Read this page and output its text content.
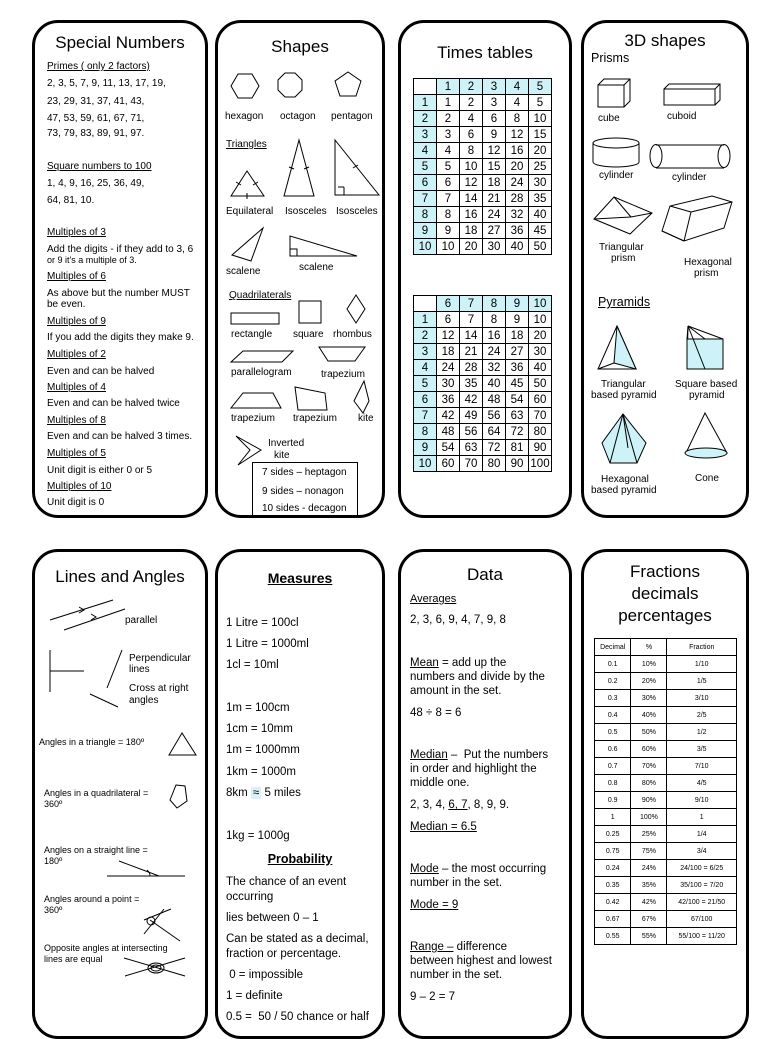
Special Numbers
Primes ( only 2 factors)
2, 3, 5, 7, 9, 11, 13, 17, 19,
23, 29, 31, 37, 41, 43,
47, 53, 59, 61, 67, 71,
73, 79, 83, 89, 91, 97.
Square numbers to 100
1, 4, 9, 16, 25, 36, 49,
64, 81, 10.
Multiples of 3
Add the digits - if they add to 3, 6
or 9 it's a multiple of 3.
Multiples of 6
As above but the number MUST
be even.
Multiples of 9
If you add the digits they make 9.
Multiples of 2
Even and can be halved
Multiples of 4
Even and can be halved twice
Multiples of 8
Even and can be halved 3 times.
Multiples of 5
Unit digit is either 0 or 5
Multiples of 10
Unit digit is 0
Shapes
hexagon octagon pentagon
Triangles
Equilateral Isosceles Isosceles
scalene	scalene
Quadrilaterals
rectangle square rhombus
parallelogram	trapezium
trapezium trapezium kite
Inverted
kite
7 sides – heptagon
9 sides – nonagon
10 sides - decagon
Times tables
	1	2	3	4	5
1	1	2	3	4	5
2	2	4	6	8	10
3	3	6	9	12	15
4	4	8	12	16	20
5	5	10	15	20	25
6	6	12	18	24	30
7	7	14	21	28	35
8	8	16	24	32	40
9	9	18	27	36	45
10	10	20	30	40	50
	6	7	8	9	10
1	6	7	8	9	10
2	12	14	16	18	20
3	18	21	24	27	30
4	24	28	32	36	40
5	30	35	40	45	50
6	36	42	48	54	60
7	42	49	56	63	70
8	48	56	64	72	80
9	54	63	72	81	90
10	60	70	80	90	100
3D shapes
Prisms
cube	cuboid
cylinder	cylinder
Triangular
prism	Hexagonal
prism
Pyramids
Triangular
based pyramid
Square based
pyramid
Hexagonal
based pyramid
Cone
Lines and Angles
parallel
Perpendicular
lines
Cross at right
angles
Angles in a triangle = 180º
Angles in a quadrilateral =
360º
Angles on a straight line =
180º
Angles around a point =
360º
Opposite angles at intersecting
lines are equal
Measures
1 Litre = 100cl
1 Litre = 1000ml
1cl = 10ml
1m = 100cm
1cm = 10mm
1m = 1000mm
1km = 1000m
8km ≈ 5 miles
1kg = 1000g
Probability
The chance of an event
occurring
lies between 0 – 1
Can be stated as a decimal,
fraction or percentage.
0 = impossible
1 = definite
0.5 =  50 / 50 chance or half
Data
Averages
2, 3, 6, 9, 4, 7, 9, 8
Mean = add up the
numbers and divide by the
amount in the set.
48 ÷ 8 = 6
Median –  Put the numbers
in order and highlight the
middle one.
2, 3, 4, 6, 7, 8, 9, 9.
Median = 6.5
Mode – the most occurring
number in the set.
Mode = 9
Range – difference
between highest and lowest
number in the set.
9 – 2 = 7
Fractions
decimals
percentages
Decimal	%	Fraction
0.1	10%	1/10
0.2	20%	1/5
0.3	30%	3/10
0.4	40%	2/5
0.5	50%	1/2
0.6	60%	3/5
0.7	70%	7/10
0.8	80%	4/5
0.9	90%	9/10
1	100%	1
0.25	25%	1/4
0.75	75%	3/4
0.24	24%	24/100 = 6/25
0.35	35%	35/100 = 7/20
0.42	42%	42/100 = 21/50
0.67	67%	67/100
0.55	55%	55/100 = 11/20
